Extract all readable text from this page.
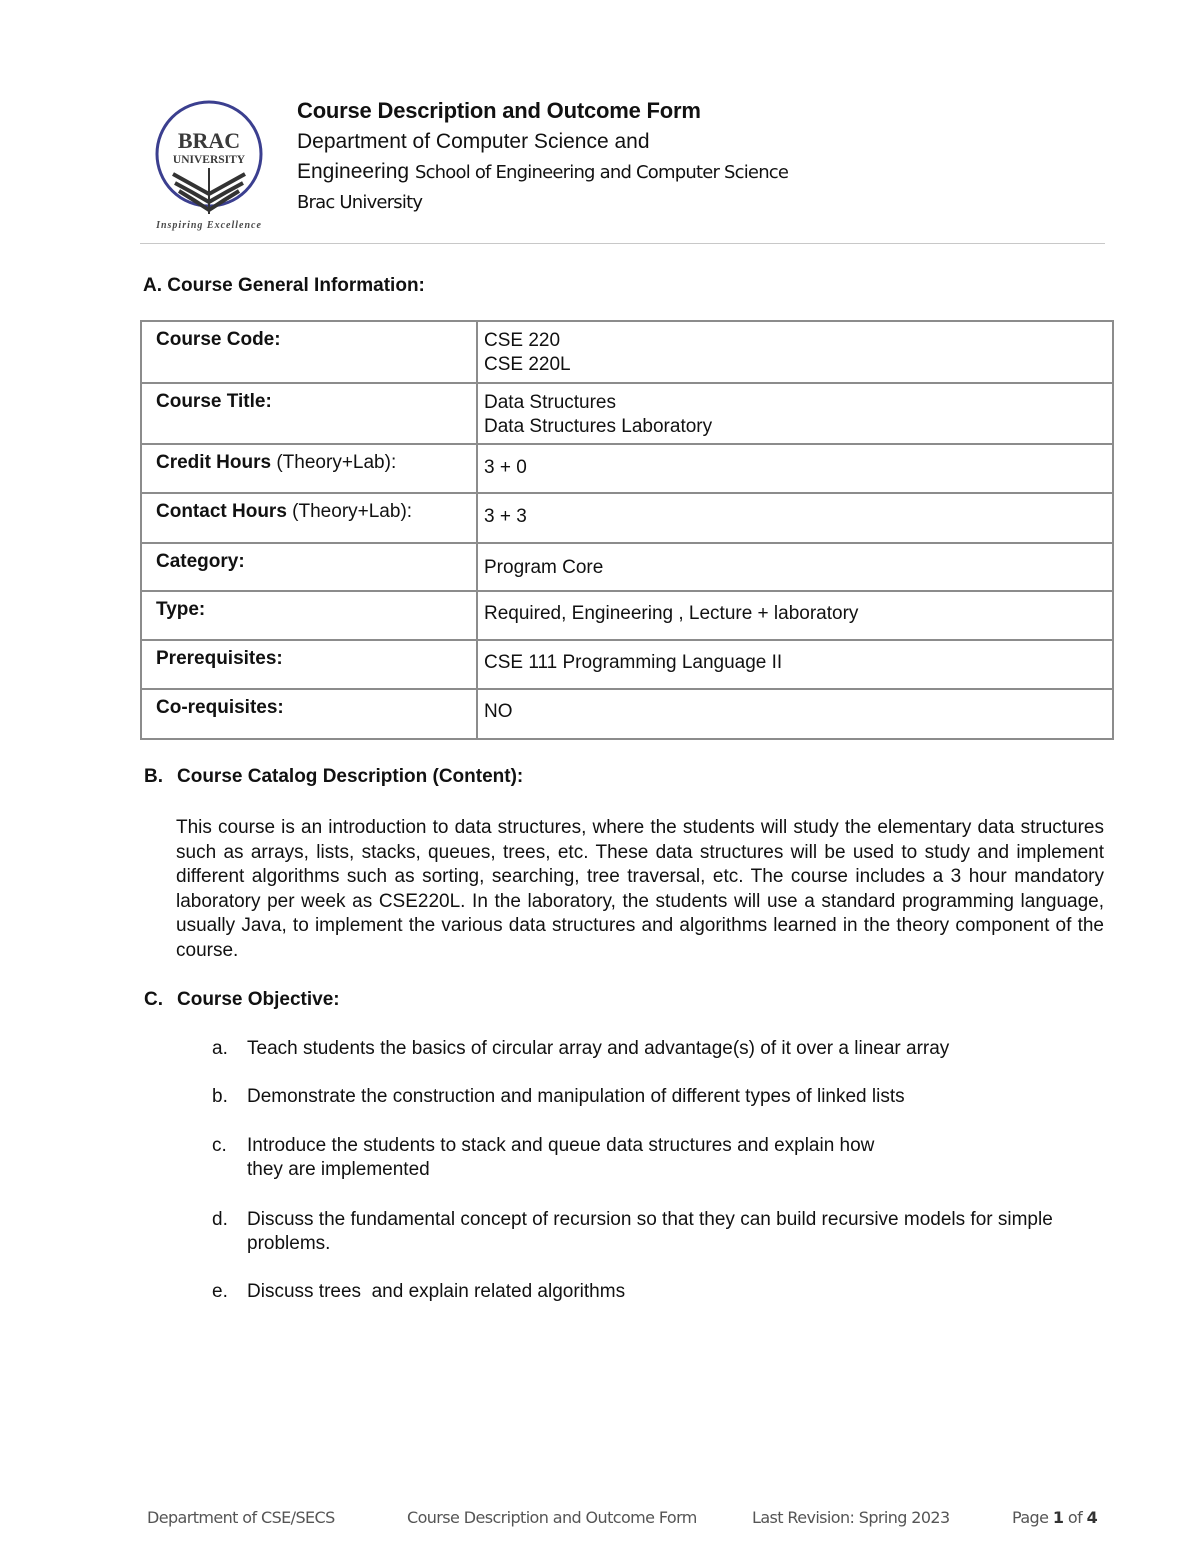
BRAC
UNIVERSITY
Inspiring Excellence

Course Description and Outcome Form

Department of Computer Science and

Engineering School of Engineering and Computer Science

Brac University

A. Course General Information:
Course Code:	CSE 220
CSE 220L

Course Title:	Data Structures
Data Structures Laboratory

Credit Hours (Theory+Lab):	3 + 0

Contact Hours (Theory+Lab):	3 + 3

Category:	Program Core

Type:	Required, Engineering , Lecture + laboratory

Prerequisites:	CSE 111 Programming Language II

Co-requisites:	NO
B. Course Catalog Description (Content):

This course is an introduction to data structures, where the students will study the elementary data structures such as arrays, lists, stacks, queues, trees, etc. These data structures will be used to study and implement different algorithms such as sorting, searching, tree traversal, etc. The course includes a 3 hour mandatory laboratory per week as CSE220L. In the laboratory, the students will use a standard programming language, usually Java, to implement the various data structures and algorithms learned in the theory component of the course.

C. Course Objective:
a. Teach students the basics of circular array and advantage(s) of it over a linear array
b. Demonstrate the construction and manipulation of different types of linked lists
c. Introduce the students to stack and queue data structures and explain how
they are implemented
d. Discuss the fundamental concept of recursion so that they can build recursive models for simple problems.
e. Discuss trees  and explain related algorithms
Department of CSE/SECS	Course Description and Outcome Form	Last Revision: Spring 2023	Page 1 of 4
